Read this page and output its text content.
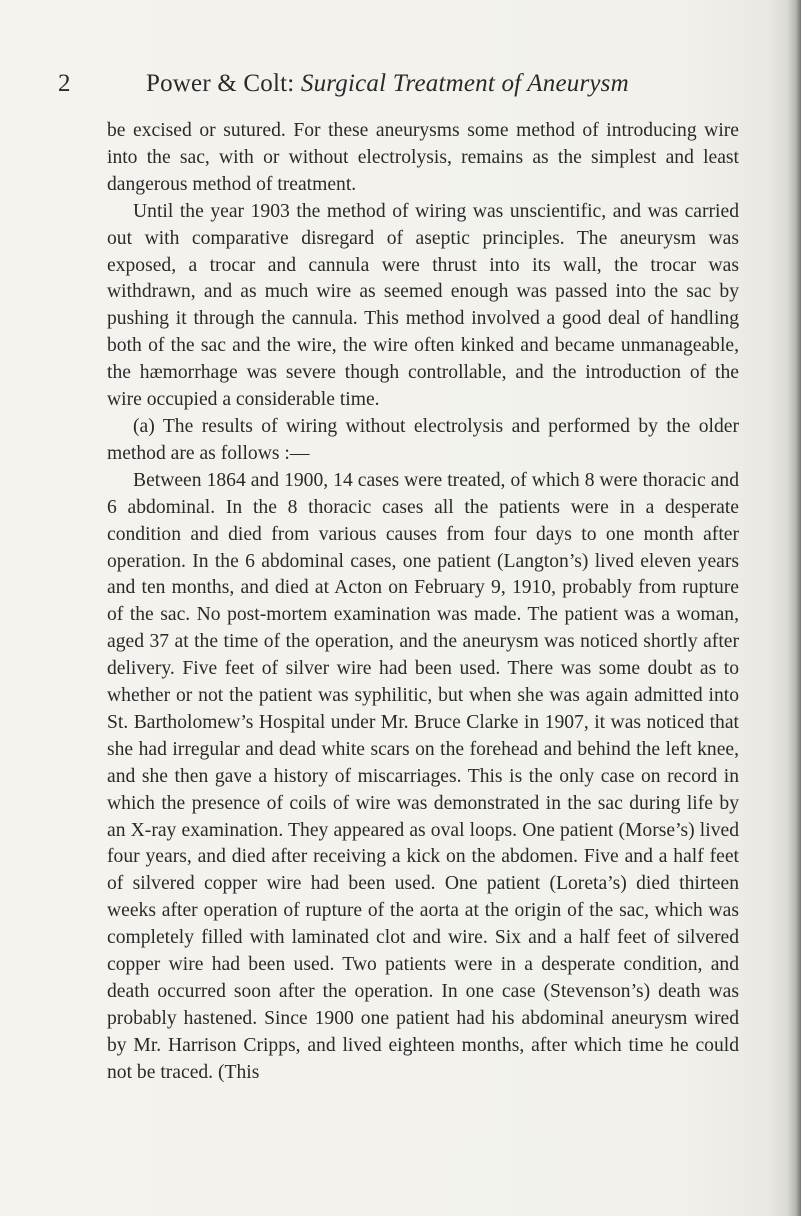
2	Power & Colt: Surgical Treatment of Aneurysm

be excised or sutured. For these aneurysms some method of introducing wire into the sac, with or without electrolysis, remains as the simplest and least dangerous method of treatment.

Until the year 1903 the method of wiring was unscientific, and was carried out with comparative disregard of aseptic principles. The aneurysm was exposed, a trocar and cannula were thrust into its wall, the trocar was withdrawn, and as much wire as seemed enough was passed into the sac by pushing it through the cannula. This method involved a good deal of handling both of the sac and the wire, the wire often kinked and became unmanageable, the hæmorrhage was severe though controllable, and the introduction of the wire occupied a considerable time.

(a) The results of wiring without electrolysis and performed by the older method are as follows :—

Between 1864 and 1900, 14 cases were treated, of which 8 were thoracic and 6 abdominal. In the 8 thoracic cases all the patients were in a desperate condition and died from various causes from four days to one month after operation. In the 6 abdominal cases, one patient (Langton’s) lived eleven years and ten months, and died at Acton on February 9, 1910, probably from rupture of the sac. No post-mortem examination was made. The patient was a woman, aged 37 at the time of the operation, and the aneurysm was noticed shortly after delivery. Five feet of silver wire had been used. There was some doubt as to whether or not the patient was syphilitic, but when she was again admitted into St. Bartholomew’s Hospital under Mr. Bruce Clarke in 1907, it was noticed that she had irregular and dead white scars on the forehead and behind the left knee, and she then gave a history of miscarriages. This is the only case on record in which the presence of coils of wire was demonstrated in the sac during life by an X-ray examination. They appeared as oval loops. One patient (Morse’s) lived four years, and died after receiving a kick on the abdomen. Five and a half feet of silvered copper wire had been used. One patient (Loreta’s) died thirteen weeks after operation of rupture of the aorta at the origin of the sac, which was completely filled with laminated clot and wire. Six and a half feet of silvered copper wire had been used. Two patients were in a desperate condition, and death occurred soon after the operation. In one case (Stevenson’s) death was probably hastened. Since 1900 one patient had his abdominal aneurysm wired by Mr. Harrison Cripps, and lived eighteen months, after which time he could not be traced. (This
